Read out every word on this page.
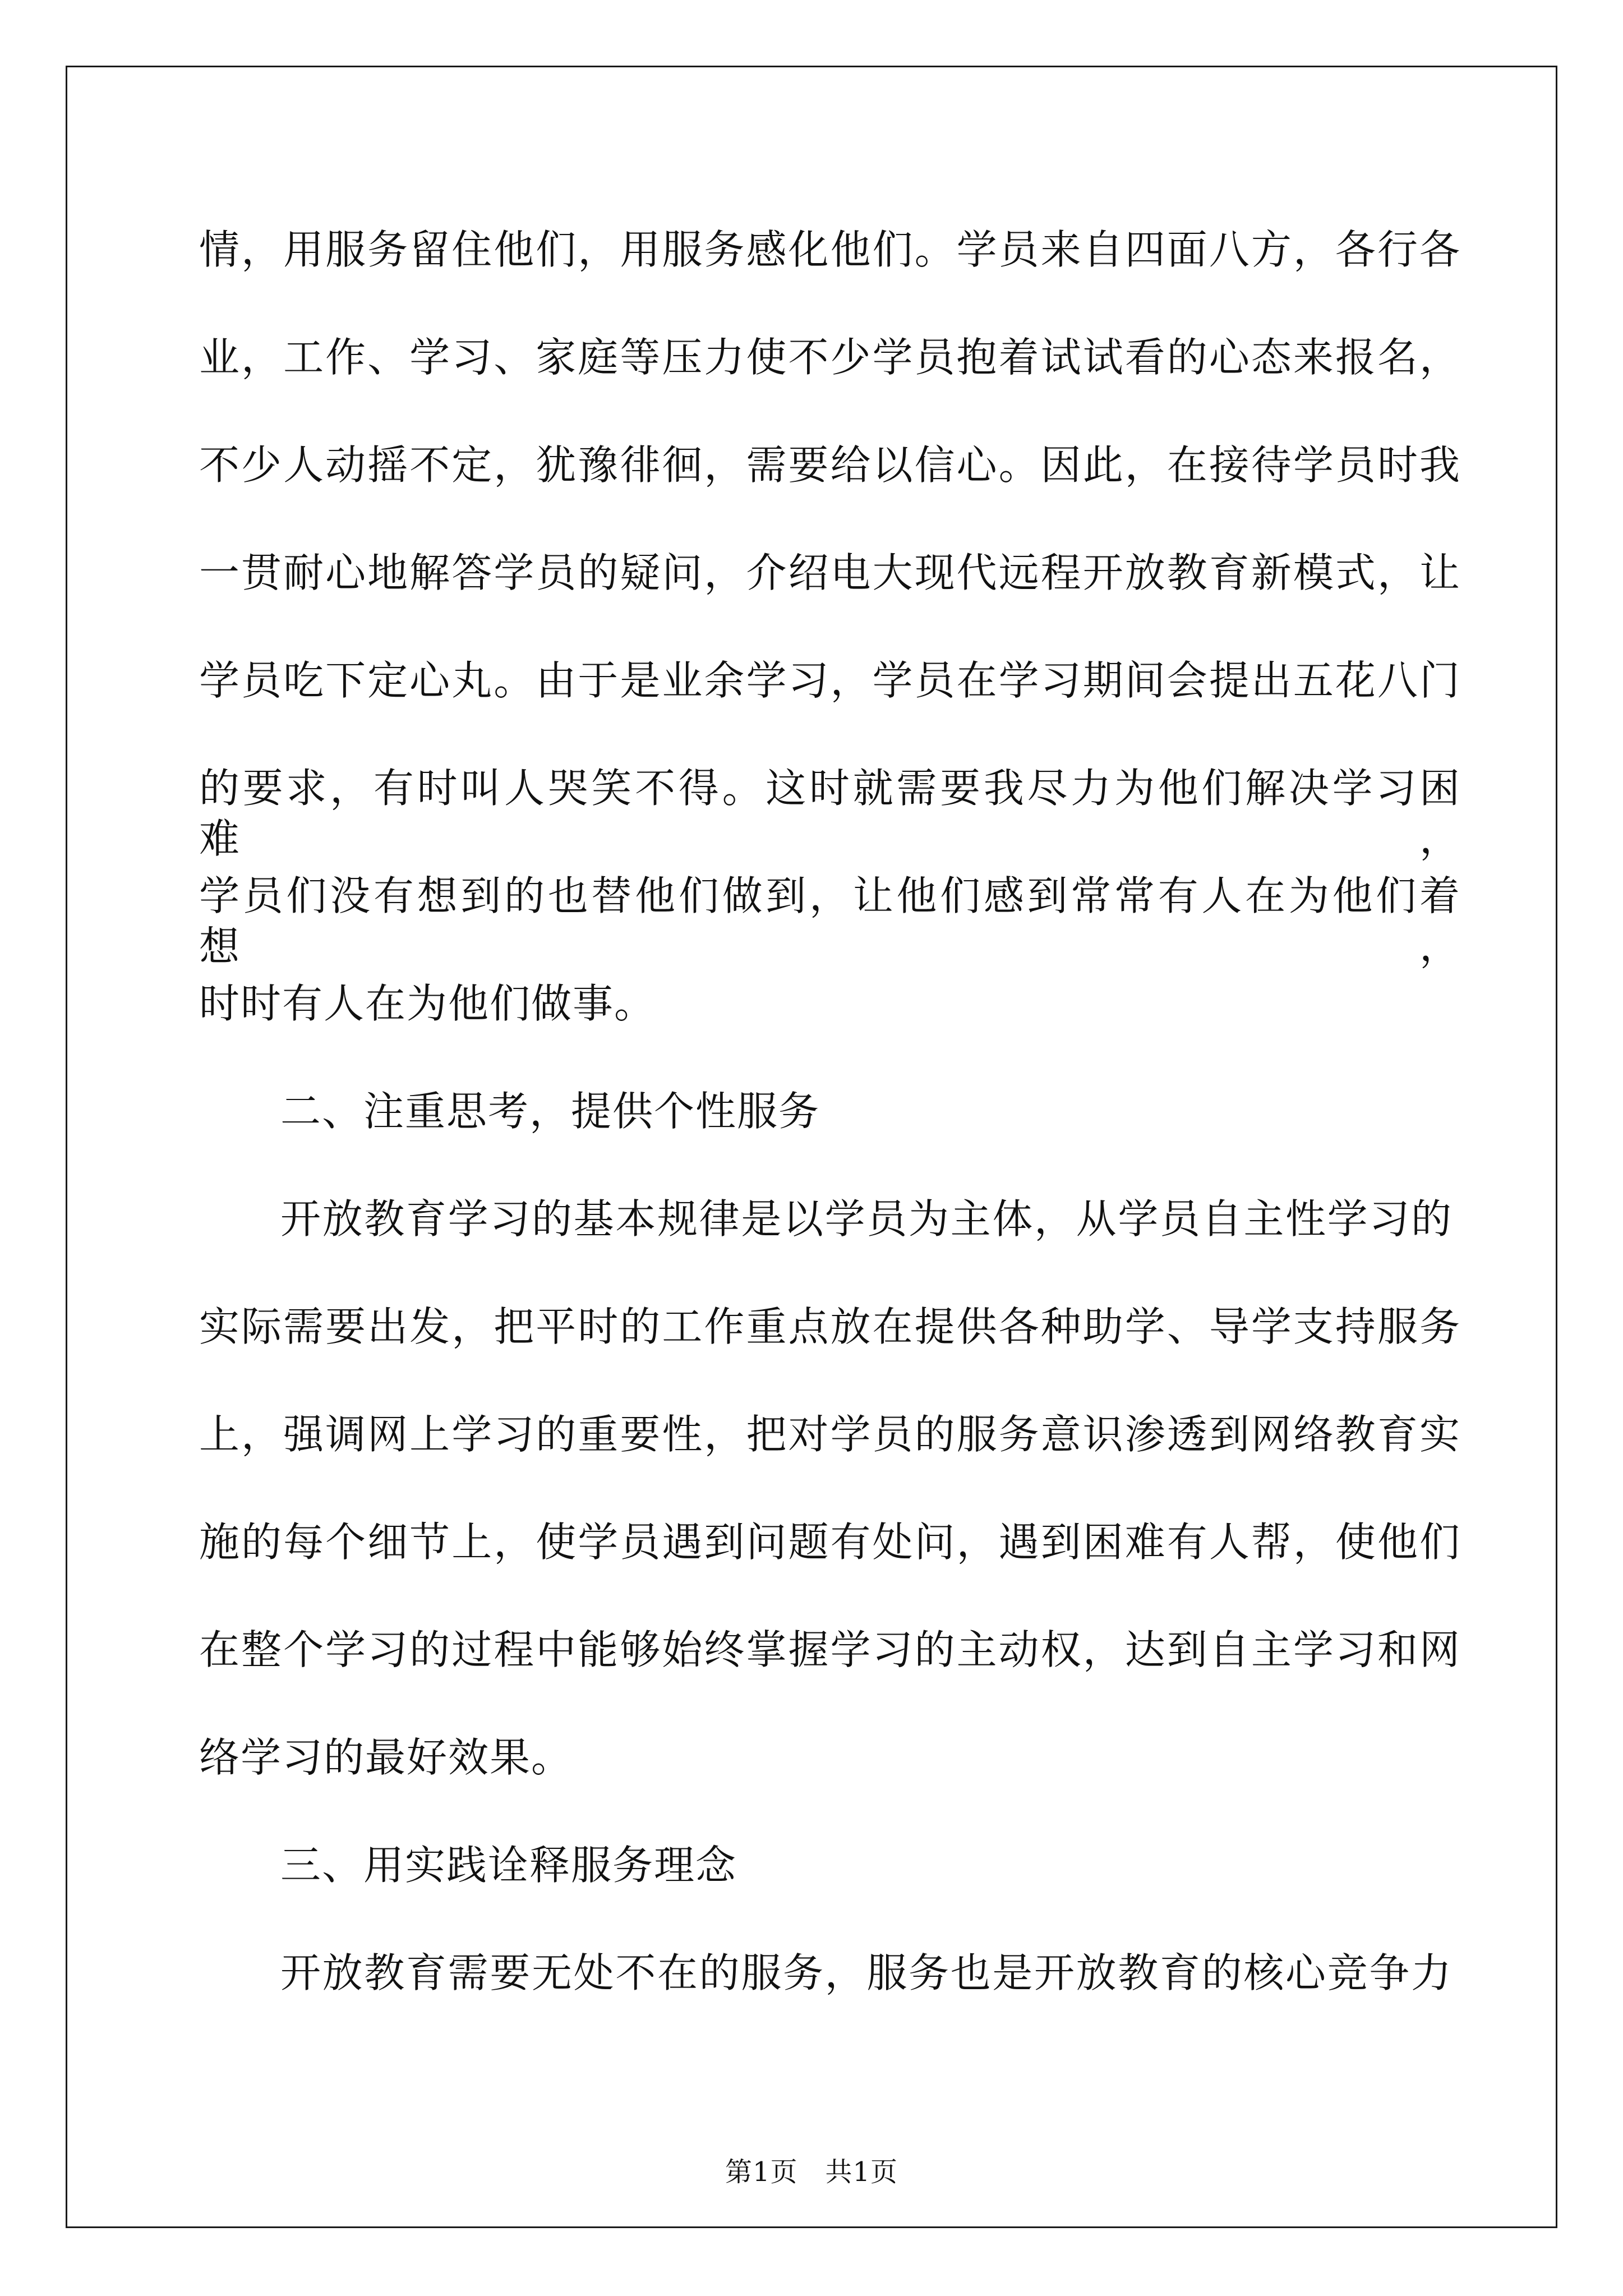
情，用服务留住他们，用服务感化他们。学员来自四面八方，各行各
业，工作、学习、家庭等压力使不少学员抱着试试看的心态来报名，
不少人动摇不定，犹豫徘徊，需要给以信心。因此，在接待学员时我
一贯耐心地解答学员的疑问，介绍电大现代远程开放教育新模式，让
学员吃下定心丸。由于是业余学习，学员在学习期间会提出五花八门
的要求，有时叫人哭笑不得。这时就需要我尽力为他们解决学习困难，
学员们没有想到的也替他们做到，让他们感到常常有人在为他们着想，
时时有人在为他们做事。
二、注重思考，提供个性服务
开放教育学习的基本规律是以学员为主体，从学员自主性学习的
实际需要出发，把平时的工作重点放在提供各种助学、导学支持服务
上，强调网上学习的重要性，把对学员的服务意识渗透到网络教育实
施的每个细节上，使学员遇到问题有处问，遇到困难有人帮，使他们
在整个学习的过程中能够始终掌握学习的主动权，达到自主学习和网
络学习的最好效果。
三、用实践诠释服务理念
开放教育需要无处不在的服务，服务也是开放教育的核心竞争力
第1页　共1页
